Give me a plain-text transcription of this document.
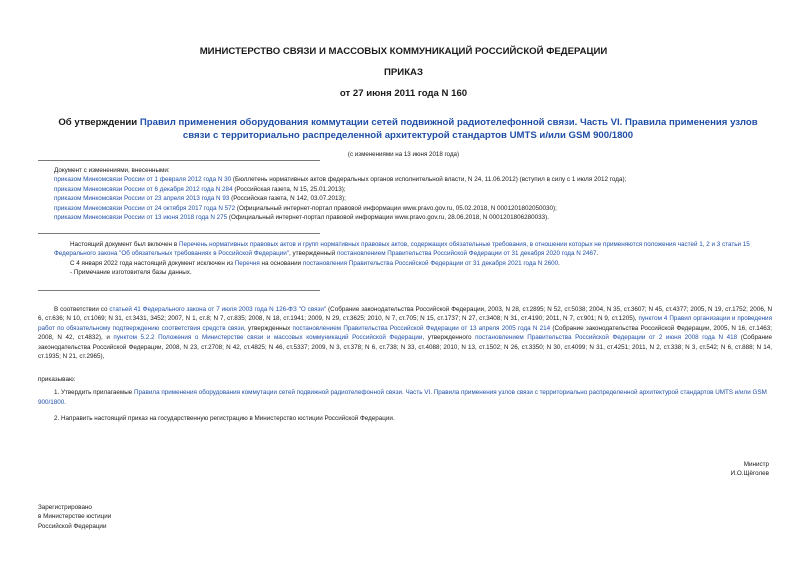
МИНИСТЕРСТВО СВЯЗИ И МАССОВЫХ КОММУНИКАЦИЙ РОССИЙСКОЙ ФЕДЕРАЦИИ
ПРИКАЗ
от 27 июня 2011 года N 160
Об утверждении Правил применения оборудования коммутации сетей подвижной радиотелефонной связи. Часть VI. Правила применения узлов связи с территориально распределенной архитектурой стандартов UMTS и/или GSM 900/1800
(с изменениями на 13 июня 2018 года)
Документ с изменениями, внесенными:
приказом Минкомсвязи России от 1 февраля 2012 года N 30 (Бюллетень нормативных актов федеральных органов исполнительной власти, N 24, 11.06.2012) (вступил в силу с 1 июля 2012 года);
приказом Минкомсвязи России от 6 декабря 2012 года N 284 (Российская газета, N 15, 25.01.2013);
приказом Минкомсвязи России от 23 апреля 2013 года N 93 (Российская газета, N 142, 03.07.2013);
приказом Минкомсвязи России от 24 октября 2017 года N 572 (Официальный интернет-портал правовой информации www.pravo.gov.ru, 05.02.2018, N 0001201802050030);
приказом Минкомсвязи России от 13 июня 2018 года N 275 (Официальный интернет-портал правовой информации www.pravo.gov.ru, 28.06.2018, N 0001201806280033).
Настоящий документ был включен в Перечень нормативных правовых актов и групп нормативных правовых актов, содержащих обязательные требования, в отношении которых не применяются положения частей 1, 2 и 3 статьи 15 Федерального закона "Об обязательных требованиях в Российской Федерации", утвержденный постановлением Правительства Российской Федерации от 31 декабря 2020 года N 2467.
С 4 января 2022 года настоящий документ исключен из Перечня на основании постановления Правительства Российской Федерации от 31 декабря 2021 года N 2600.
- Примечание изготовителя базы данных.
В соответствии со статьей 41 Федерального закона от 7 июля 2003 года N 126-ФЗ "О связи" (Собрание законодательства Российской Федерации, 2003, N 28, ст.2895; N 52, ст.5038; 2004, N 35, ст.3607; N 45, ст.4377; 2005, N 19, ст.1752; 2006, N 6, ст.636; N 10, ст.1069; N 31, ст.3431, 3452; 2007, N 1, ст.8; N 7, ст.835; 2008, N 18, ст.1941; 2009, N 29, ст.3625; 2010, N 7, ст.705; N 15, ст.1737; N 27, ст.3408; N 31, ст.4190; 2011, N 7, ст.901; N 9, ст.1205), пунктом 4 Правил организации и проведения работ по обязательному подтверждению соответствия средств связи, утвержденных постановлением Правительства Российской Федерации от 13 апреля 2005 года N 214 (Собрание законодательства Российской Федерации, 2005, N 16, ст.1463; 2008, N 42, ст.4832), и пунктом 5.2.2 Положения о Министерстве связи и массовых коммуникаций Российской Федерации, утвержденного постановлением Правительства Российской Федерации от 2 июня 2008 года N 418 (Собрание законодательства Российской Федерации, 2008, N 23, ст.2708; N 42, ст.4825; N 46, ст.5337; 2009, N 3, ст.378; N 6, ст.738; N 33, ст.4088; 2010, N 13, ст.1502; N 26, ст.3350; N 30, ст.4099; N 31, ст.4251; 2011, N 2, ст.338; N 3, ст.542; N 6, ст.888; N 14, ст.1935; N 21, ст.2965),
приказываю:
1. Утвердить прилагаемые Правила применения оборудования коммутации сетей подвижной радиотелефонной связи. Часть VI. Правила применения узлов связи с территориально распределенной архитектурой стандартов UMTS и/или GSM 900/1800.
2. Направить настоящий приказ на государственную регистрацию в Министерство юстиции Российской Федерации.
Министр
И.О.Щёголев
Зарегистрировано
в Министерстве юстиции
Российской Федерации
